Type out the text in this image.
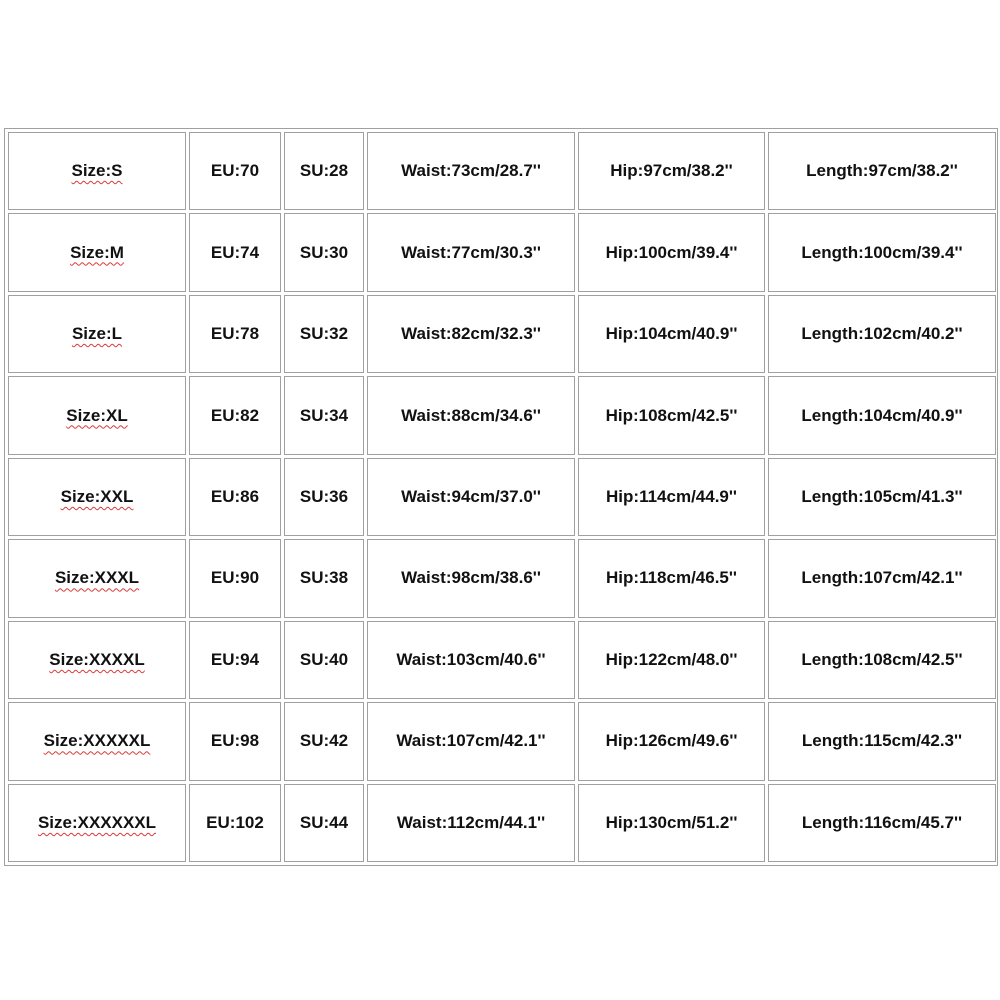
Size:S	EU:70	SU:28	Waist:73cm/28.7''	Hip:97cm/38.2''	Length:97cm/38.2''
Size:M	EU:74	SU:30	Waist:77cm/30.3''	Hip:100cm/39.4''	Length:100cm/39.4''
Size:L	EU:78	SU:32	Waist:82cm/32.3''	Hip:104cm/40.9''	Length:102cm/40.2''
Size:XL	EU:82	SU:34	Waist:88cm/34.6''	Hip:108cm/42.5''	Length:104cm/40.9''
Size:XXL	EU:86	SU:36	Waist:94cm/37.0''	Hip:114cm/44.9''	Length:105cm/41.3''
Size:XXXL	EU:90	SU:38	Waist:98cm/38.6''	Hip:118cm/46.5''	Length:107cm/42.1''
Size:XXXXL	EU:94	SU:40	Waist:103cm/40.6''	Hip:122cm/48.0''	Length:108cm/42.5''
Size:XXXXXL	EU:98	SU:42	Waist:107cm/42.1''	Hip:126cm/49.6''	Length:115cm/42.3''
Size:XXXXXXL	EU:102	SU:44	Waist:112cm/44.1''	Hip:130cm/51.2''	Length:116cm/45.7''
